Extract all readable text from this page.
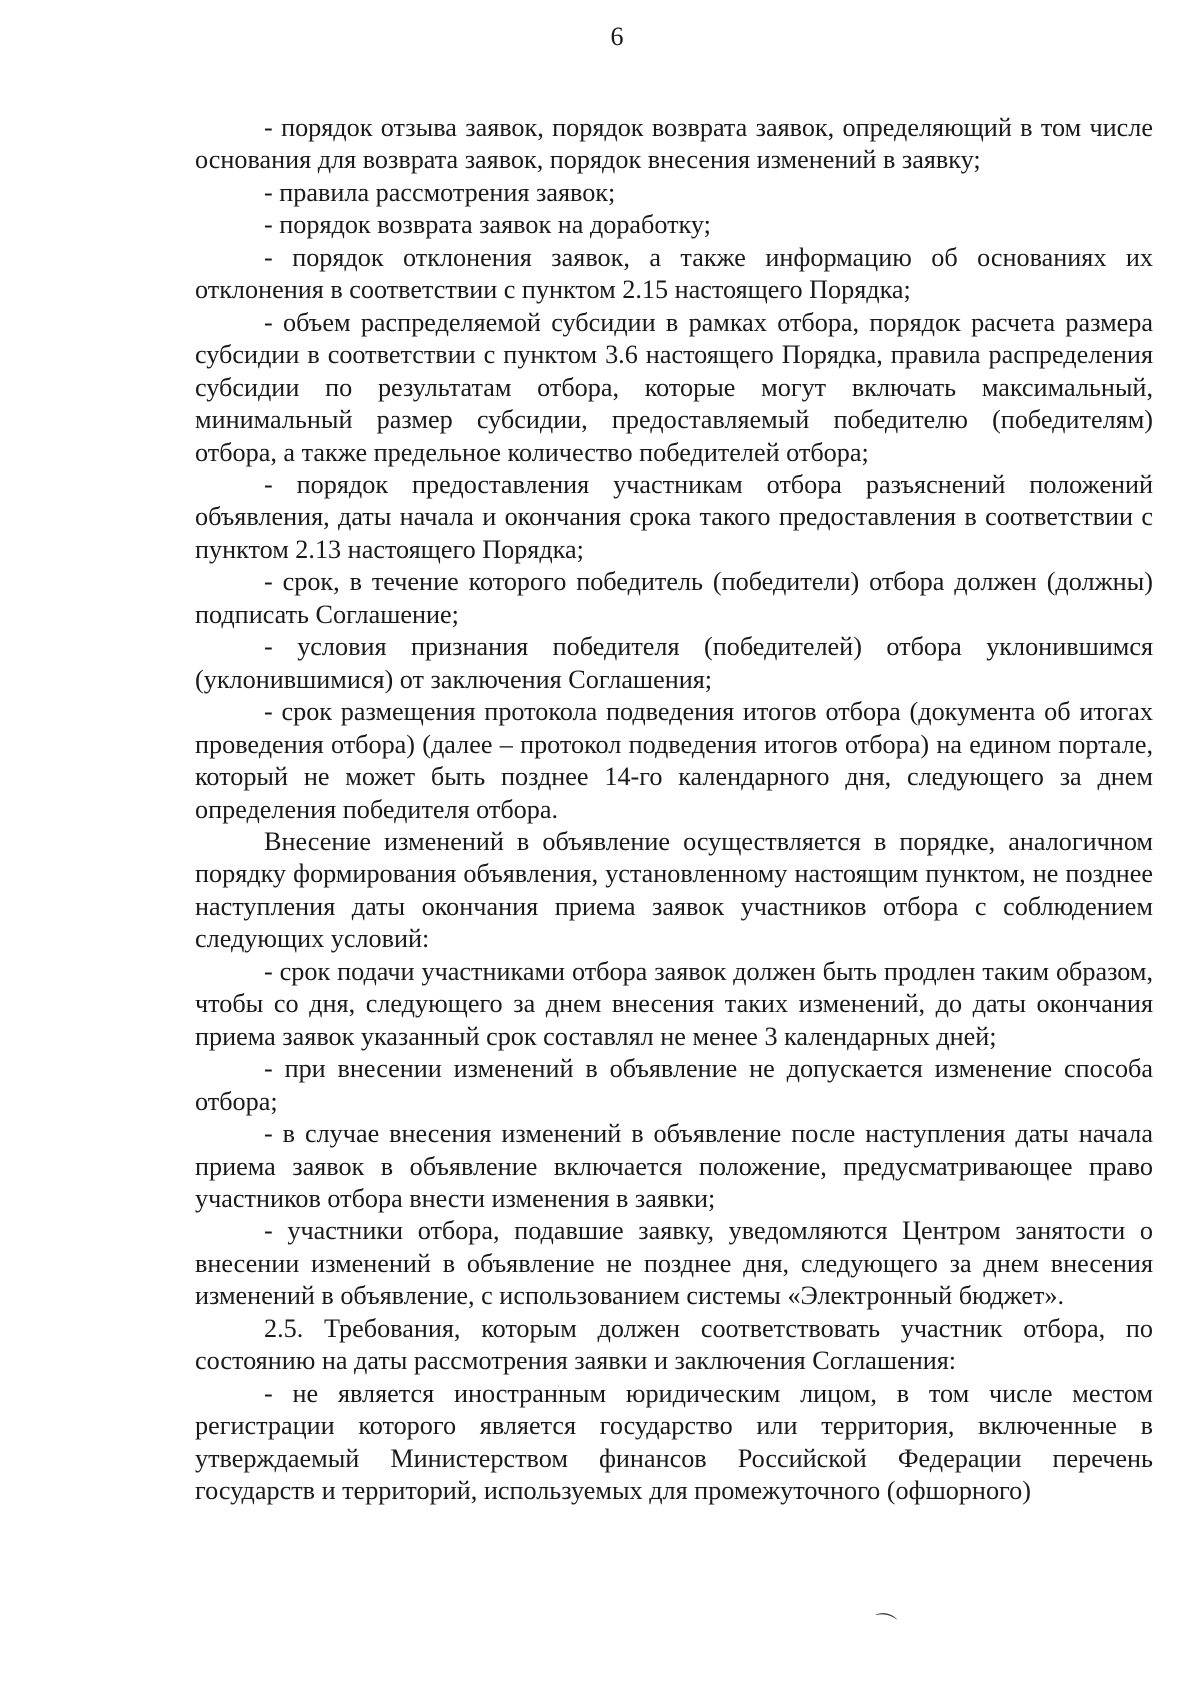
6

- порядок отзыва заявок, порядок возврата заявок, определяющий в том числе основания для возврата заявок, порядок внесения изменений в заявку;

- правила рассмотрения заявок;

- порядок возврата заявок на доработку;

- порядок отклонения заявок, а также информацию об основаниях их отклонения в соответствии с пунктом 2.15 настоящего Порядка;

- объем распределяемой субсидии в рамках отбора, порядок расчета размера субсидии в соответствии с пунктом 3.6 настоящего Порядка, правила распределения субсидии по результатам отбора, которые могут включать максимальный, минимальный размер субсидии, предоставляемый победителю (победителям) отбора, а также предельное количество победителей отбора;

- порядок предоставления участникам отбора разъяснений положений объявления, даты начала и окончания срока такого предоставления в соответствии с пунктом 2.13 настоящего Порядка;

- срок, в течение которого победитель (победители) отбора должен (должны) подписать Соглашение;

- условия признания победителя (победителей) отбора уклонившимся (уклонившимися) от заключения Соглашения;

- срок размещения протокола подведения итогов отбора (документа об итогах проведения отбора) (далее – протокол подведения итогов отбора) на едином портале, который не может быть позднее 14-го календарного дня, следующего за днем определения победителя отбора.

Внесение изменений в объявление осуществляется в порядке, аналогичном порядку формирования объявления, установленному настоящим пунктом, не позднее наступления даты окончания приема заявок участников отбора с соблюдением следующих условий:

- срок подачи участниками отбора заявок должен быть продлен таким образом, чтобы со дня, следующего за днем внесения таких изменений, до даты окончания приема заявок указанный срок составлял не менее 3 календарных дней;

- при внесении изменений в объявление не допускается изменение способа отбора;

- в случае внесения изменений в объявление после наступления даты начала приема заявок в объявление включается положение, предусматривающее право участников отбора внести изменения в заявки;

- участники отбора, подавшие заявку, уведомляются Центром занятости о внесении изменений в объявление не позднее дня, следующего за днем внесения изменений в объявление, с использованием системы «Электронный бюджет».

2.5. Требования, которым должен соответствовать участник отбора, по состоянию на даты рассмотрения заявки и заключения Соглашения:

- не является иностранным юридическим лицом, в том числе местом регистрации которого является государство или территория, включенные в утверждаемый Министерством финансов Российской Федерации перечень государств и территорий, используемых для промежуточного (офшорного)

⌒
